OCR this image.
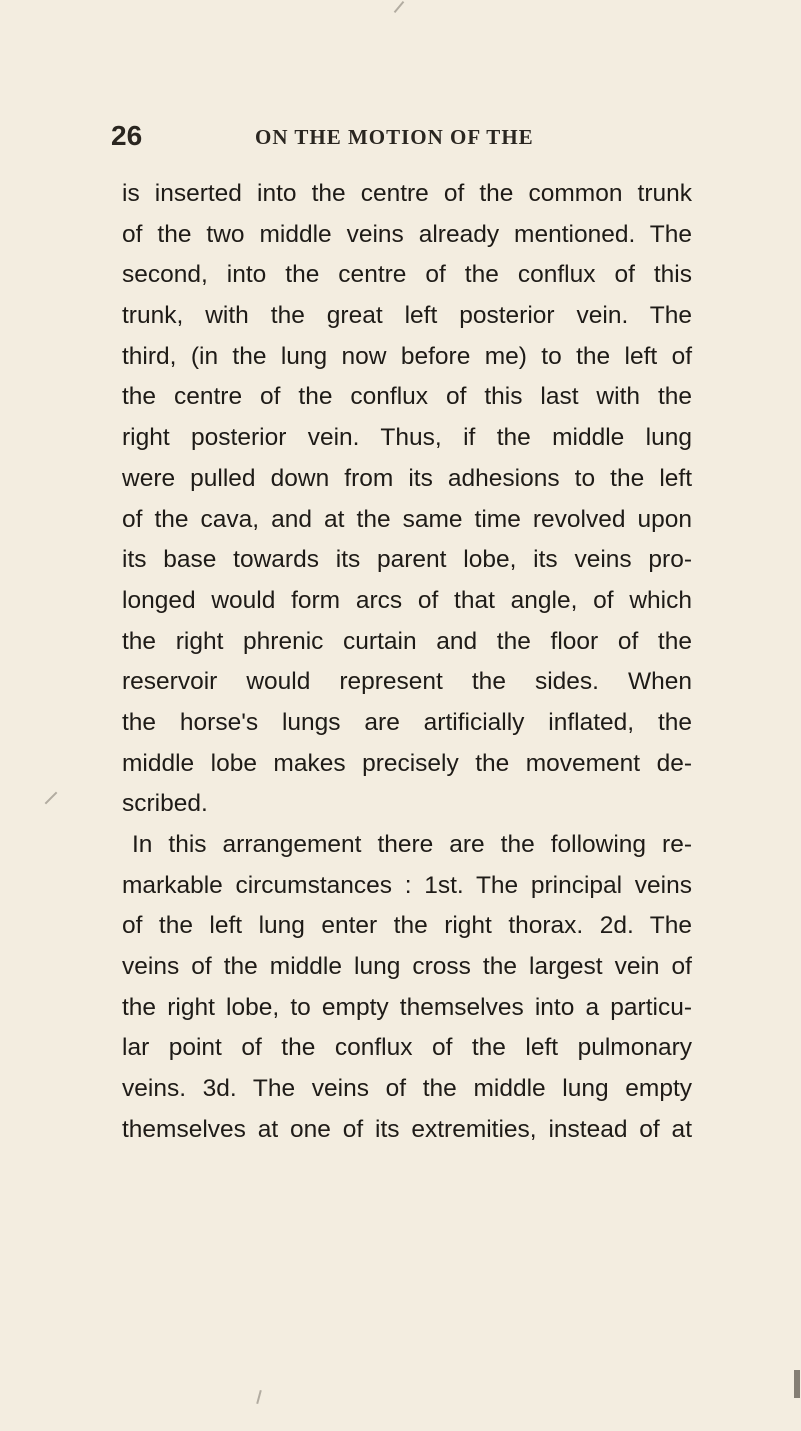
26	ON THE MOTION OF THE
is inserted into the centre of the common trunk
of the two middle veins already mentioned. The
second, into the centre of the conflux of this
trunk, with the great left posterior vein. The
third, (in the lung now before me) to the left of
the centre of the conflux of this last with the
right posterior vein. Thus, if the middle lung
were pulled down from its adhesions to the left
of the cava, and at the same time revolved upon
its base towards its parent lobe, its veins pro-
longed would form arcs of that angle, of which
the right phrenic curtain and the floor of the
reservoir would represent the sides. When
the horse's lungs are artificially inflated, the
middle lobe makes precisely the movement de-
scribed.
In this arrangement there are the following re-
markable circumstances : 1st. The principal veins
of the left lung enter the right thorax. 2d. The
veins of the middle lung cross the largest vein of
the right lobe, to empty themselves into a particu-
lar point of the conflux of the left pulmonary
veins. 3d. The veins of the middle lung empty
themselves at one of its extremities, instead of at
